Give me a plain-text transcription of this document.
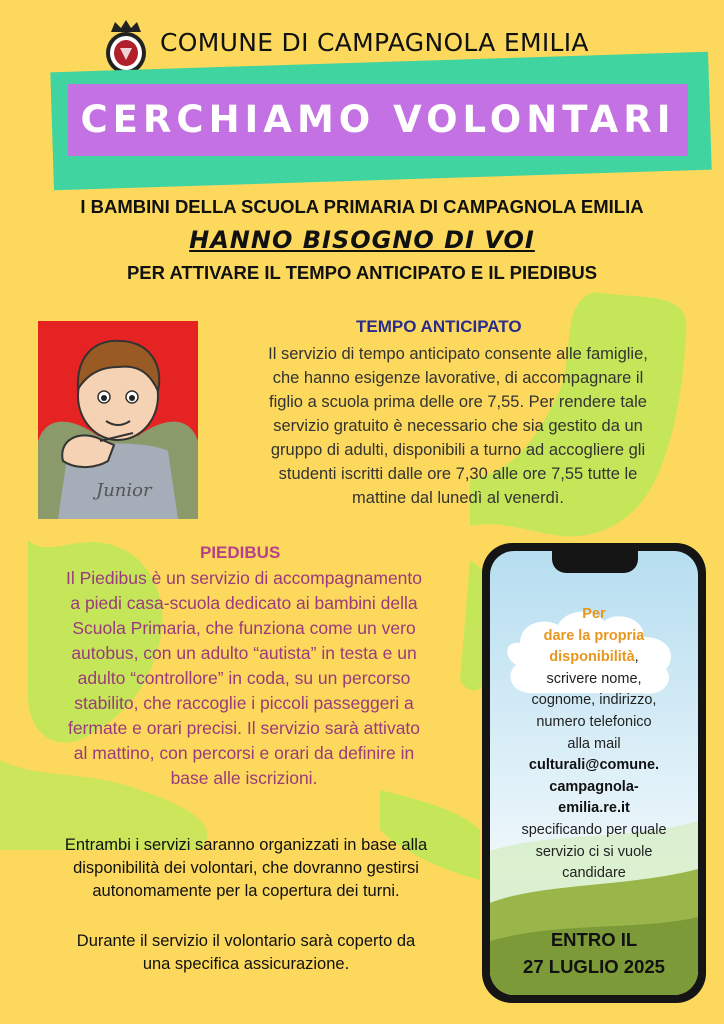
COMUNE DI CAMPAGNOLA EMILIA
CERCHIAMO VOLONTARI
I BAMBINI DELLA SCUOLA PRIMARIA DI CAMPAGNOLA EMILIA
HANNO BISOGNO DI VOI
PER ATTIVARE IL TEMPO ANTICIPATO E IL PIEDIBUS
Junior
TEMPO ANTICIPATO
Il servizio di tempo anticipato consente alle famiglie,
che hanno esigenze lavorative, di accompagnare il
figlio a scuola prima delle ore 7,55. Per rendere tale
servizio gratuito è necessario che sia gestito da un
gruppo di adulti, disponibili a turno ad accogliere gli
studenti iscritti dalle ore 7,30 alle ore 7,55 tutte le
mattine dal lunedì al venerdì.
PIEDIBUS
Il Piedibus è un servizio di accompagnamento
a piedi casa-scuola dedicato ai bambini della
Scuola Primaria, che funziona come un vero
autobus, con un adulto “autista” in testa e un
adulto “controllore” in coda, su un percorso
stabilito, che raccoglie i piccoli passeggeri a
fermate e orari precisi. Il servizio sarà attivato
al mattino, con percorsi e orari da definire in
base alle iscrizioni.
Entrambi i servizi saranno organizzati in base alla
disponibilità dei volontari, che dovranno gestirsi
autonomamente per la copertura dei turni.
Durante il servizio il volontario sarà coperto da
una specifica assicurazione.
Per
dare la propria
disponibilità,
scrivere nome,
cognome, indirizzo,
numero telefonico
alla mail
culturali@comune.
campagnola-
emilia.re.it
specificando per quale
servizio ci si vuole
candidare
ENTRO IL
27 LUGLIO 2025
